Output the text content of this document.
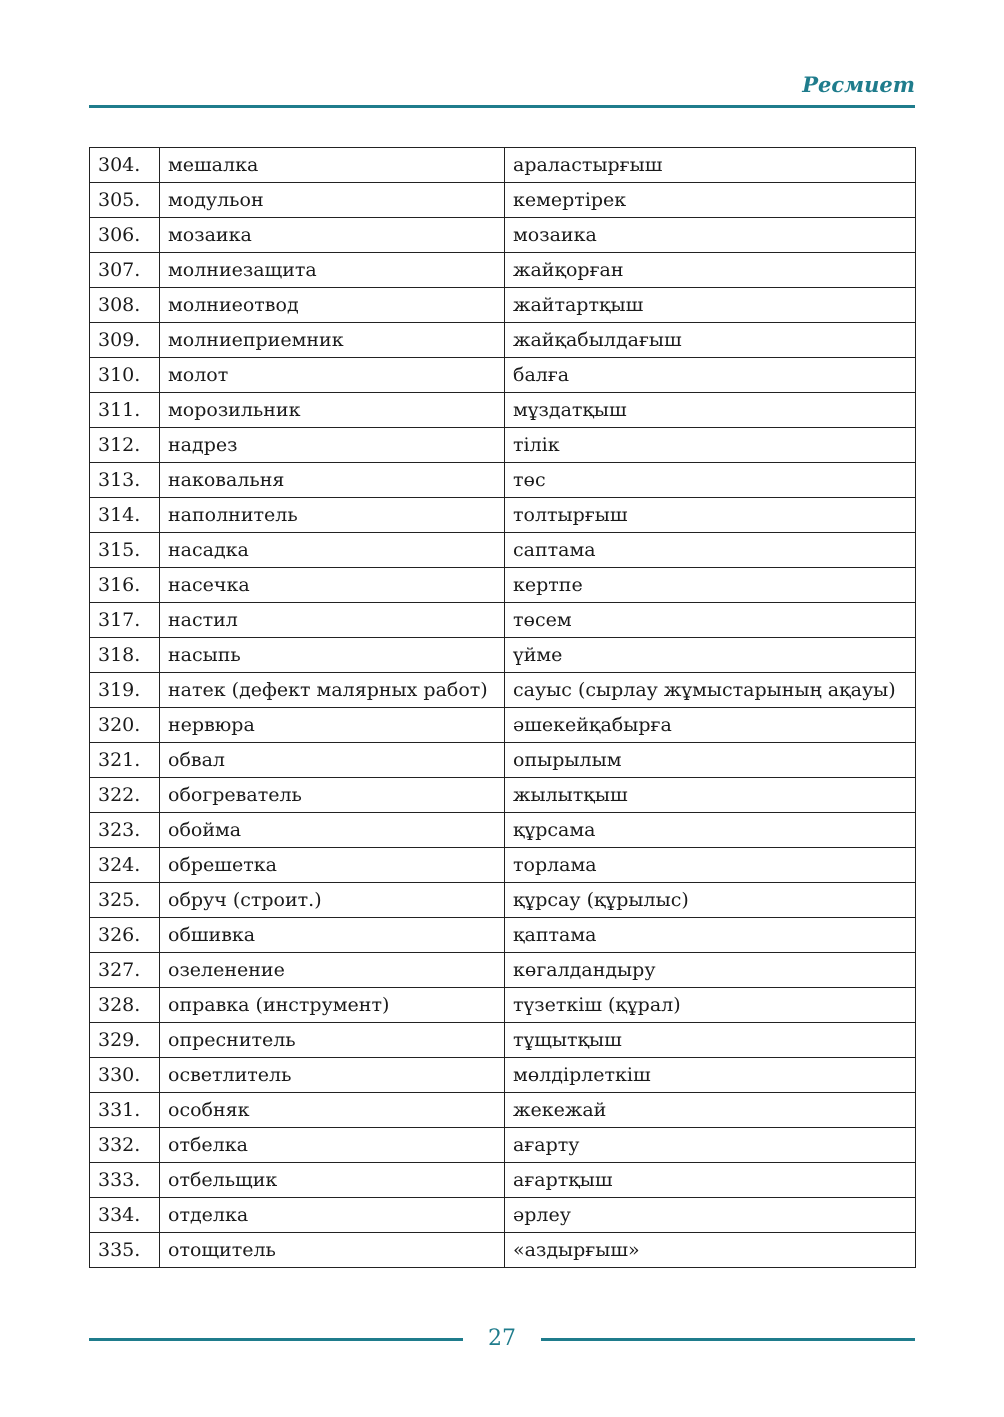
Ресмиет
304.	мешалка	араластырғыш
305.	модульон	кемертірек
306.	мозаика	мозаика
307.	молниезащита	жайқорған
308.	молниеотвод	жайтартқыш
309.	молниеприемник	жайқабылдағыш
310.	молот	балға
311.	морозильник	мұздатқыш
312.	надрез	тілік
313.	наковальня	төс
314.	наполнитель	толтырғыш
315.	насадка	саптама
316.	насечка	кертпе
317.	настил	төсем
318.	насыпь	үйме
319.	натек (дефект малярных работ)	сауыс (сырлау жұмыстарының ақауы)
320.	нервюра	әшекейқабырға
321.	обвал	опырылым
322.	обогреватель	жылытқыш
323.	обойма	құрсама
324.	обрешетка	торлама
325.	обруч (строит.)	құрсау (құрылыс)
326.	обшивка	қаптама
327.	озеленение	көгалдандыру
328.	оправка (инструмент)	түзеткіш (құрал)
329.	опреснитель	тұщытқыш
330.	осветлитель	мөлдірлеткіш
331.	особняк	жекежай
332.	отбелка	ағарту
333.	отбельщик	ағартқыш
334.	отделка	әрлеу
335.	отощитель	«аздырғыш»
27
